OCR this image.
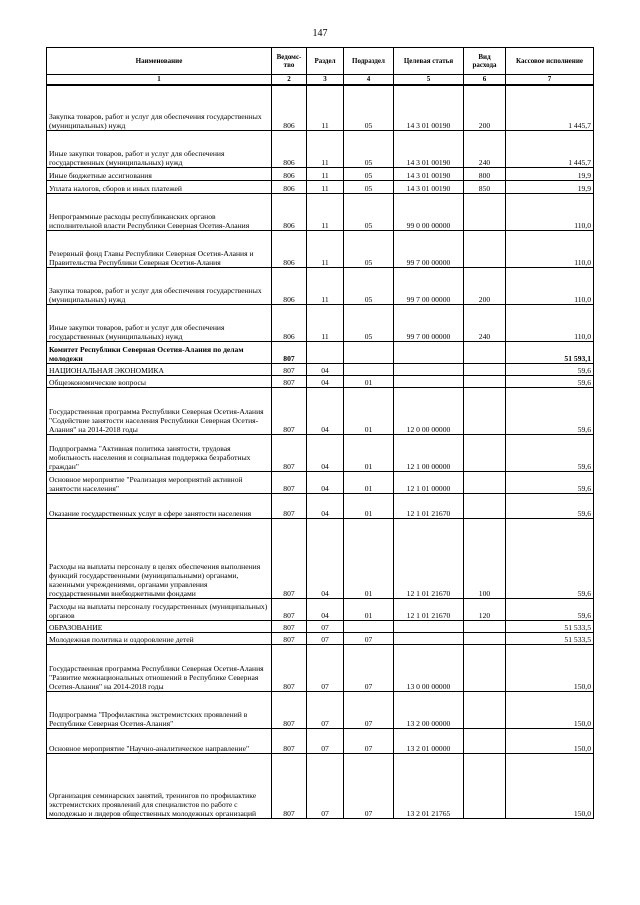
147
Наименование	Ведомс-тво	Раздел	Подраздел	Целевая статья	Вид расхода	Кассовое исполнение
1	2	3	4	5	6	7
Закупка товаров, работ и услуг для обеспечения государственных (муниципальных) нужд	806	11	05	14 3 01 00190	200	1 445,7
Иные закупки товаров, работ и услуг для обеспечения государственных (муниципальных) нужд	806	11	05	14 3 01 00190	240	1 445,7
Иные бюджетные ассигнования	806	11	05	14 3 01 00190	800	19,9
Уплата налогов, сборов и иных платежей	806	11	05	14 3 01 00190	850	19,9
Непрограммные расходы республиканских органов исполнительной власти Республики Северная Осетия-Алания	806	11	05	99 0 00 00000		110,0
Резервный фонд Главы Республики Северная Осетия-Алания и Правительства Республики Северная Осетия-Алания	806	11	05	99 7 00 00000		110,0
Закупка товаров, работ и услуг для обеспечения государственных (муниципальных) нужд	806	11	05	99 7 00 00000	200	110,0
Иные закупки товаров, работ и услуг для обеспечения государственных (муниципальных) нужд	806	11	05	99 7 00 00000	240	110,0
Комитет Республики Северная Осетия-Алания по делам молодежи	807					51 593,1
НАЦИОНАЛЬНАЯ ЭКОНОМИКА	807	04				59,6
Общеэкономические вопросы	807	04	01			59,6
Государственная программа Республики Северная Осетия-Алания "Содействие занятости населения Республики Северная Осетия-Алания" на 2014-2018 годы	807	04	01	12 0 00 00000		59,6
Подпрограмма "Активная политика занятости, трудовая мобильность населения и социальная поддержка безработных граждан"	807	04	01	12 1 00 00000		59,6
Основное мероприятие "Реализация мероприятий активной занятости населения"	807	04	01	12 1 01 00000		59,6
Оказание государственных услуг в сфере занятости населения	807	04	01	12 1 01 21670		59,6
Расходы на выплаты персоналу в целях обеспечения выполнения функций государственными (муниципальными) органами, казенными учреждениями, органами управления государственными внебюджетными фондами	807	04	01	12 1 01 21670	100	59,6
Расходы на выплаты персоналу государственных (муниципальных) органов	807	04	01	12 1 01 21670	120	59,6
ОБРАЗОВАНИЕ	807	07				51 533,5
Молодежная политика и оздоровление детей	807	07	07			51 533,5
Государственная программа Республики Северная Осетия-Алания "Развитие межнациональных отношений в Республике Северная Осетия-Алания" на 2014-2018 годы	807	07	07	13 0 00 00000		150,0
Подпрограмма "Профилактика экстремистских проявлений в Республике Северная Осетия-Алания"	807	07	07	13 2 00 00000		150,0
Основное мероприятие "Научно-аналитическое направление"	807	07	07	13 2 01 00000		150,0
Организация семинарских занятий, тренингов по профилактике экстремистских проявлений для специалистов по работе с молодежью и лидеров общественных молодежных организаций	807	07	07	13 2 01 21765		150,0
